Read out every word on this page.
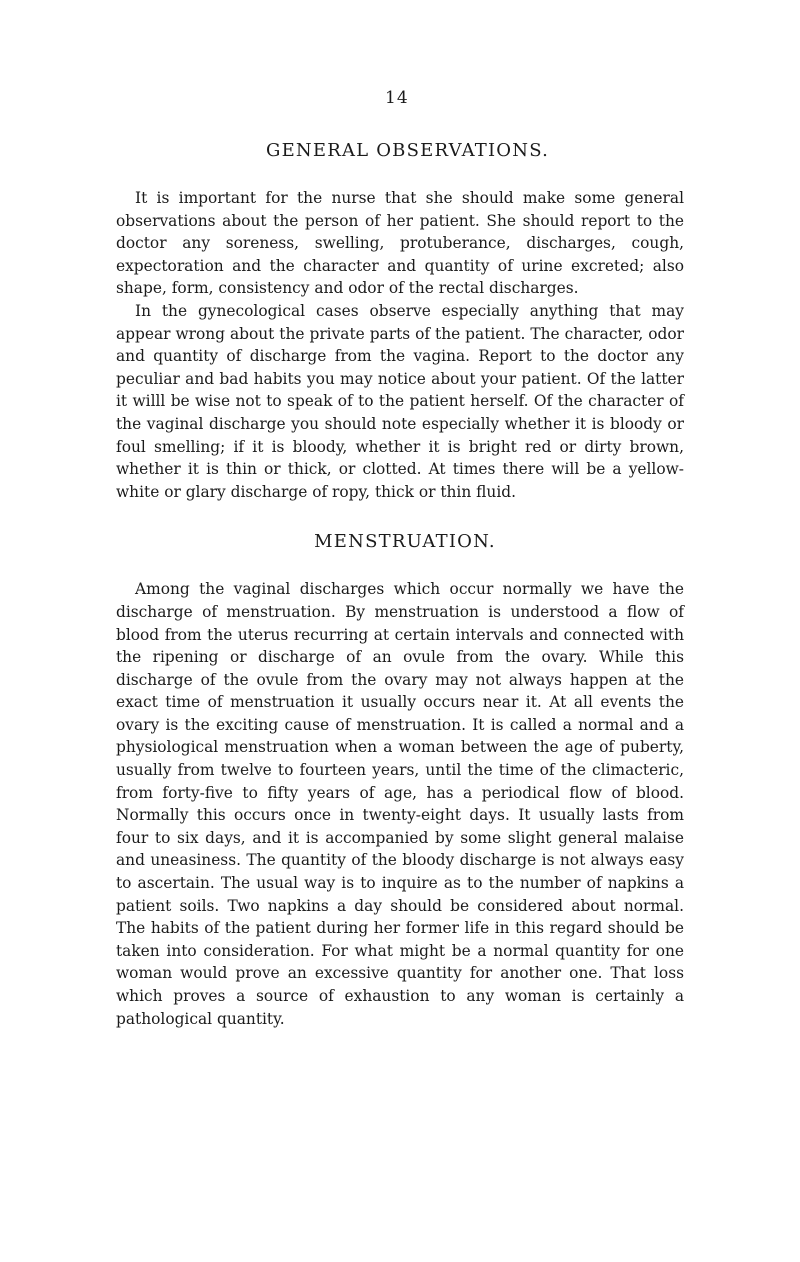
14
GENERAL OBSERVATIONS.

It is important for the nurse that she should make some general observations about the person of her patient. She should report to the doctor any soreness, swelling, protuberance, discharges, cough, expectoration and the character and quantity of urine excreted; also shape, form, consistency and odor of the rectal discharges.

In the gynecological cases observe especially anything that may appear wrong about the private parts of the patient. The character, odor and quantity of discharge from the vagina. Report to the doctor any peculiar and bad habits you may notice about your patient. Of the latter it willl be wise not to speak of to the patient herself. Of the character of the vaginal discharge you should note especially whether it is bloody or foul smelling; if it is bloody, whether it is bright red or dirty brown, whether it is thin or thick, or clotted. At times there will be a yellow-white or glary discharge of ropy, thick or thin fluid.

MENSTRUATION.

Among the vaginal discharges which occur normally we have the discharge of menstruation. By menstruation is understood a flow of blood from the uterus recurring at certain intervals and connected with the ripening or discharge of an ovule from the ovary. While this discharge of the ovule from the ovary may not always happen at the exact time of menstruation it usually occurs near it. At all events the ovary is the exciting cause of menstruation. It is called a normal and a physiological menstruation when a woman between the age of puberty, usually from twelve to fourteen years, until the time of the climacteric, from forty-five to fifty years of age, has a periodical flow of blood. Normally this occurs once in twenty-eight days. It usually lasts from four to six days, and it is accompanied by some slight general malaise and uneasiness. The quantity of the bloody discharge is not always easy to ascertain. The usual way is to inquire as to the number of napkins a patient soils. Two napkins a day should be considered about normal. The habits of the patient during her former life in this regard should be taken into consideration. For what might be a normal quantity for one woman would prove an excessive quantity for another one. That loss which proves a source of exhaustion to any woman is certainly a pathological quantity.
